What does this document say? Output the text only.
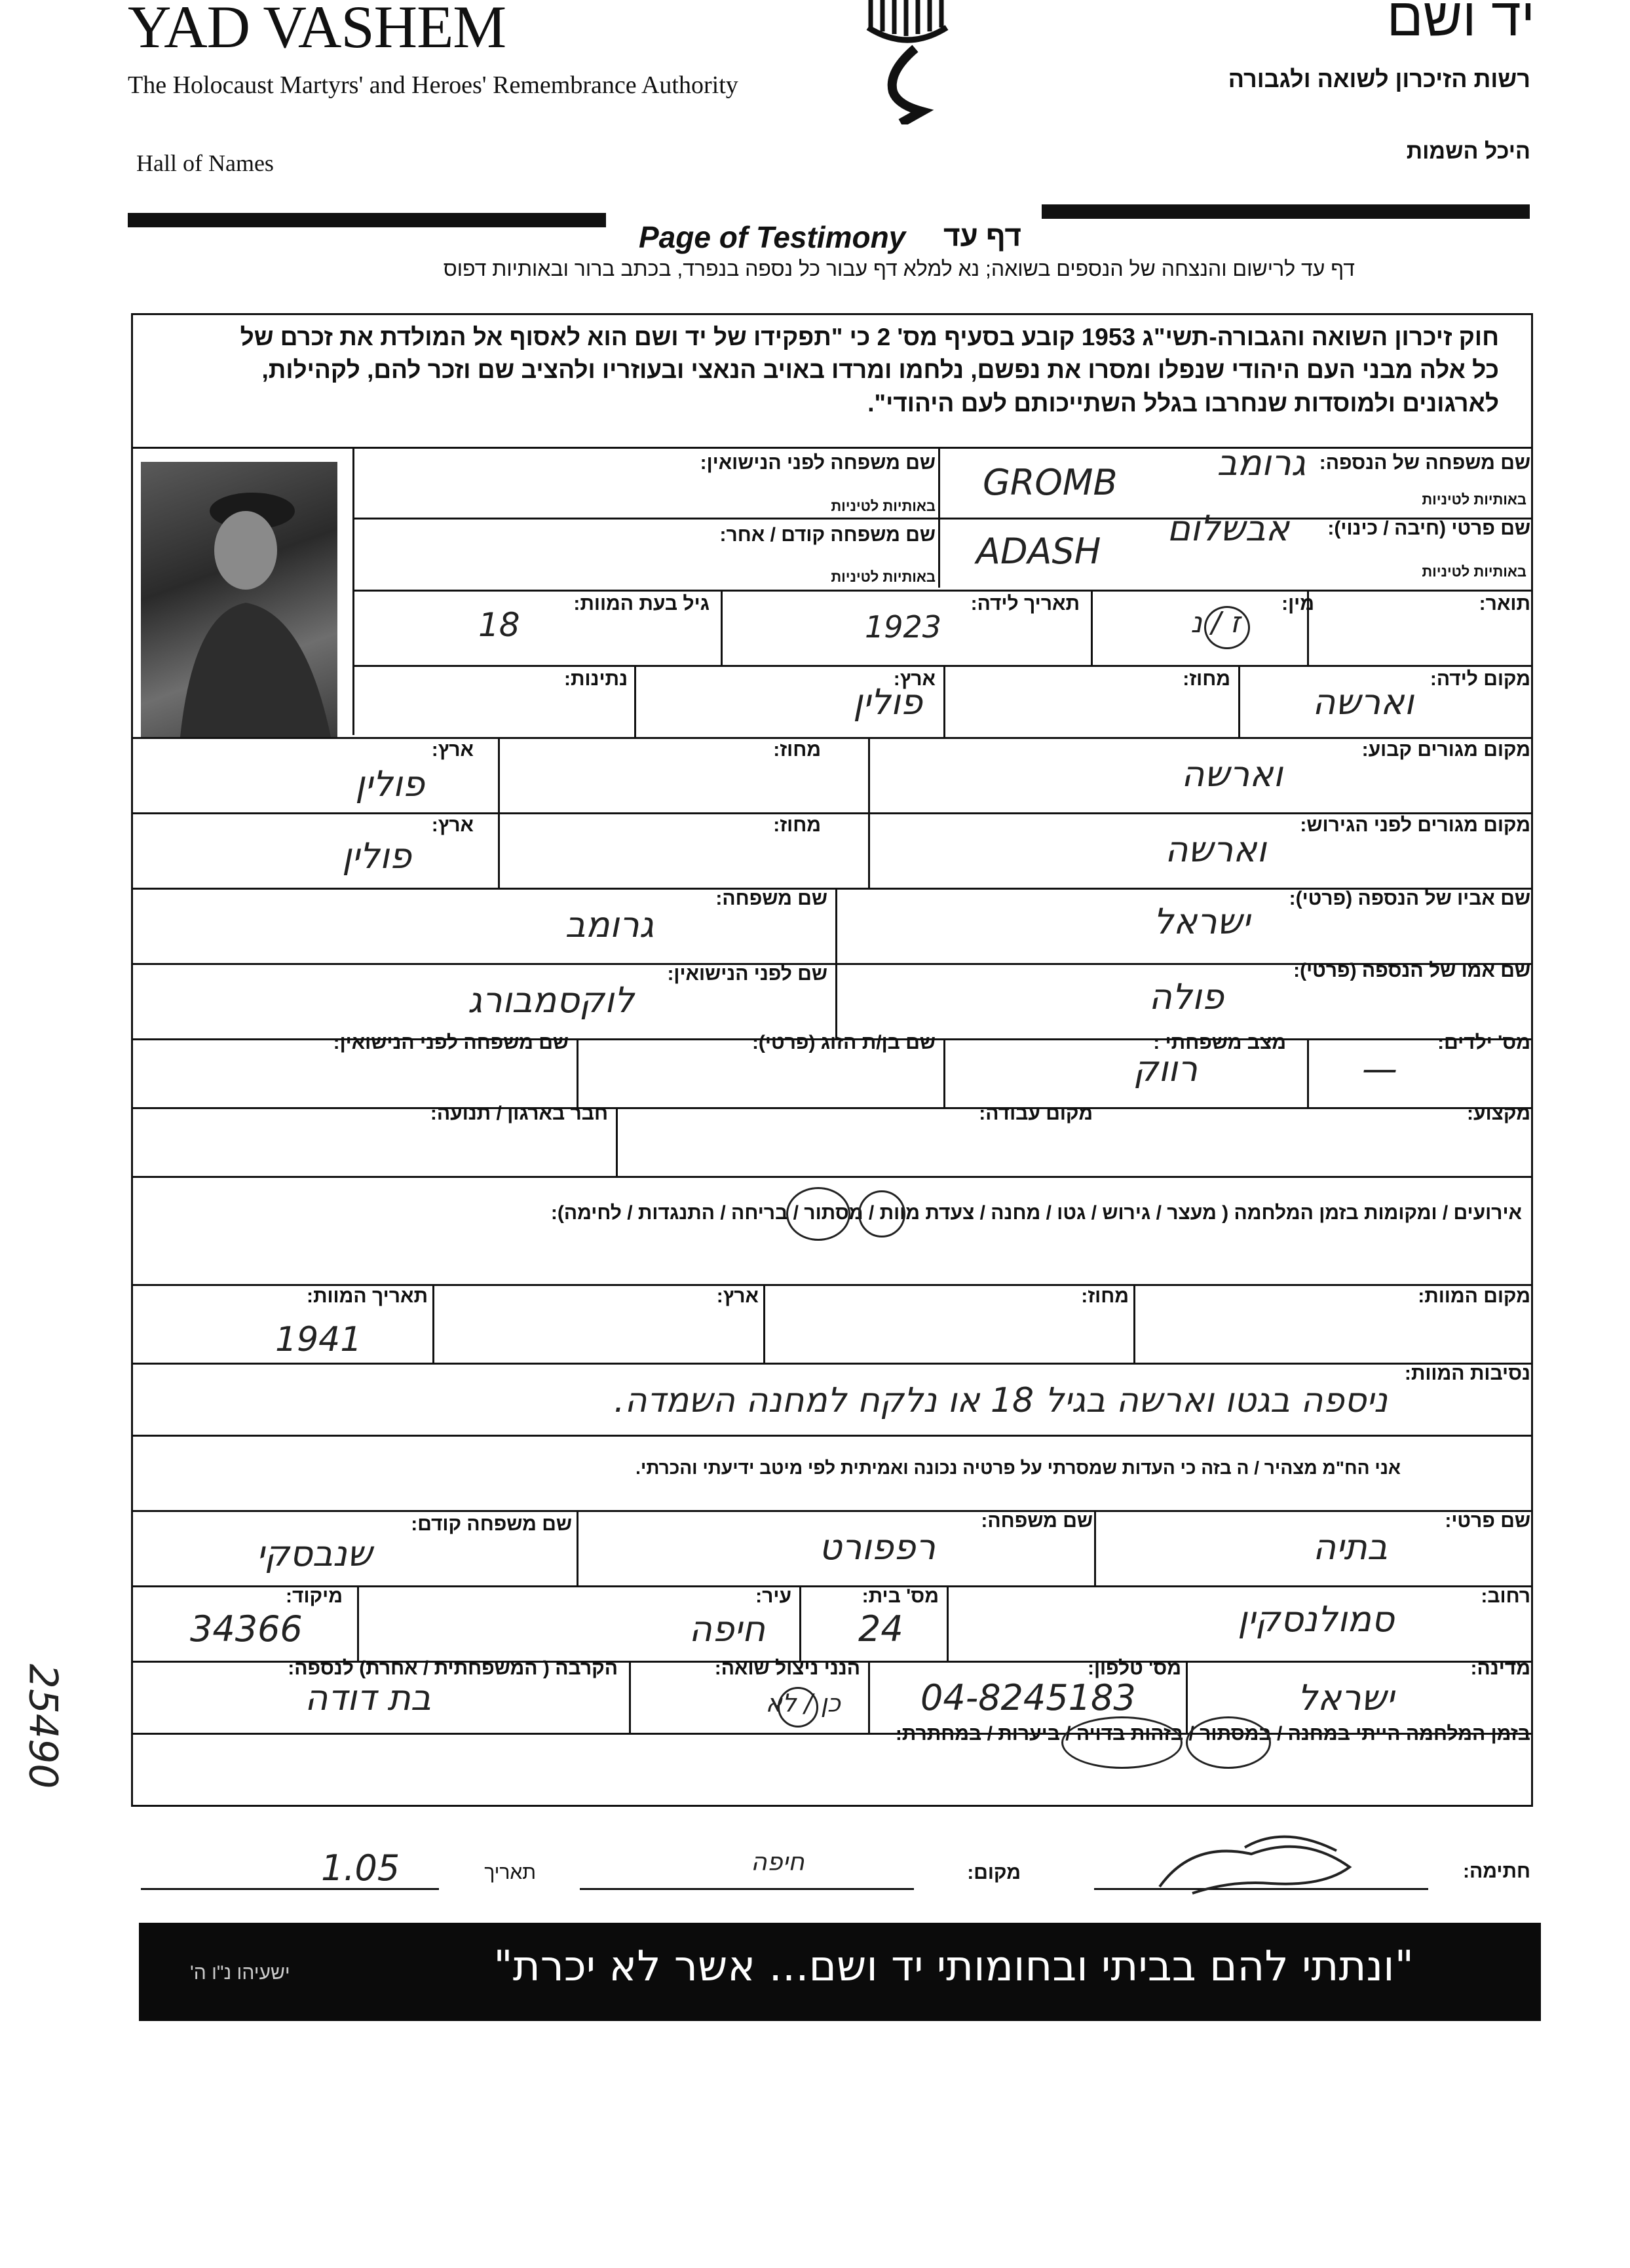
YAD VASHEM
The Holocaust Martyrs' and Heroes' Remembrance Authority
Hall of Names
יד ושם
רשות הזיכרון לשואה ולגבורה
היכל השמות
Page of Testimony דף עד
דף עד לרישום והנצחה של הנספים בשואה; נא למלא דף עבור כל נספה בנפרד, בכתב ברור ובאותיות דפוס
חוק זיכרון השואה והגבורה-תשי"ג 1953 קובע בסעיף מס' 2 כי "תפקידו של יד ושם הוא לאסוף אל המולדת את זכרם של
כל אלה מבני העם היהודי שנפלו ומסרו את נפשם, נלחמו ומרדו באויב הנאצי ובעוזריו ולהציב שם וזכר להם, לקהילות,
לארגונים ולמוסדות שנחרבו בגלל השתייכותם לעם היהודי".
שם משפחה של הנספה:
באותיות לטיניות
שם משפחה לפני הנישואין:
באותיות לטיניות
GROMB	גרומב
שם פרטי (חיבה / כינוי):
באותיות לטיניות
שם משפחה קודם / אחר:
באותיות לטיניות
ADASH
אבשלום
תואר:
מין:
ז / נ
תאריך לידה:
1923
גיל בעת המוות:
18
מקום לידה:
וארשה
מחוז:
ארץ:
פולין
נתינות:
מקום מגורים קבוע:
וארשה
מחוז:
ארץ:
פולין
מקום מגורים לפני הגירוש:
וארשה
מחוז:
ארץ:
פולין
שם אביו של הנספה (פרטי):
ישראל
שם משפחה:
גרומב
שם אמו של הנספה (פרטי):
פולה
שם לפני הנישואין:
לוקסמבורג
מס' ילדים:
—
מצב משפחתי :
רווק
שם בן/ת הזוג (פרטי):
שם משפחה לפני הנישואין:
מקצוע:
מקום עבודה:
חבר בארגון / תנועה:
אירועים / ומקומות בזמן המלחמה ( מעצר / גירוש / גטו / מחנה / צעדת מוות / מסתור / בריחה / התנגדות / לחימה):
מקום המוות:
מחוז:
ארץ:
תאריך המוות:
1941
נסיבות המוות:
ניספה בגטו וארשה בגיל 18 או נלקח למחנה השמדה.
אני הח"מ מצהיר / ה בזה כי העדות שמסרתי על פרטיה נכונה ואמיתית לפי מיטב ידיעתי והכרתי.
שם פרטי:
בתיה
שם משפחה:
רפפורט
שם משפחה קודם:
שנבסקי
רחוב:
סמולנסקין
מס' בית:
24
עיר:
חיפה
מיקוד:
34366
מדינה:
ישראל
מס' טלפון:
04-8245183
הנני ניצול שואה:
כן / לא
הקרבה ( המשפחתית / אחרת) לנספה:
בת דודה
בזמן המלחמה הייתי במחנה / במסתור / בזהות בדויה / ביערות / במחתרת:
25490
חתימה:
מקום:
חיפה
תאריך
1.05
"ונתתי להם בביתי ובחומותי יד ושם... אשר לא יכרת"
ישעיהו נ"ו ה'
